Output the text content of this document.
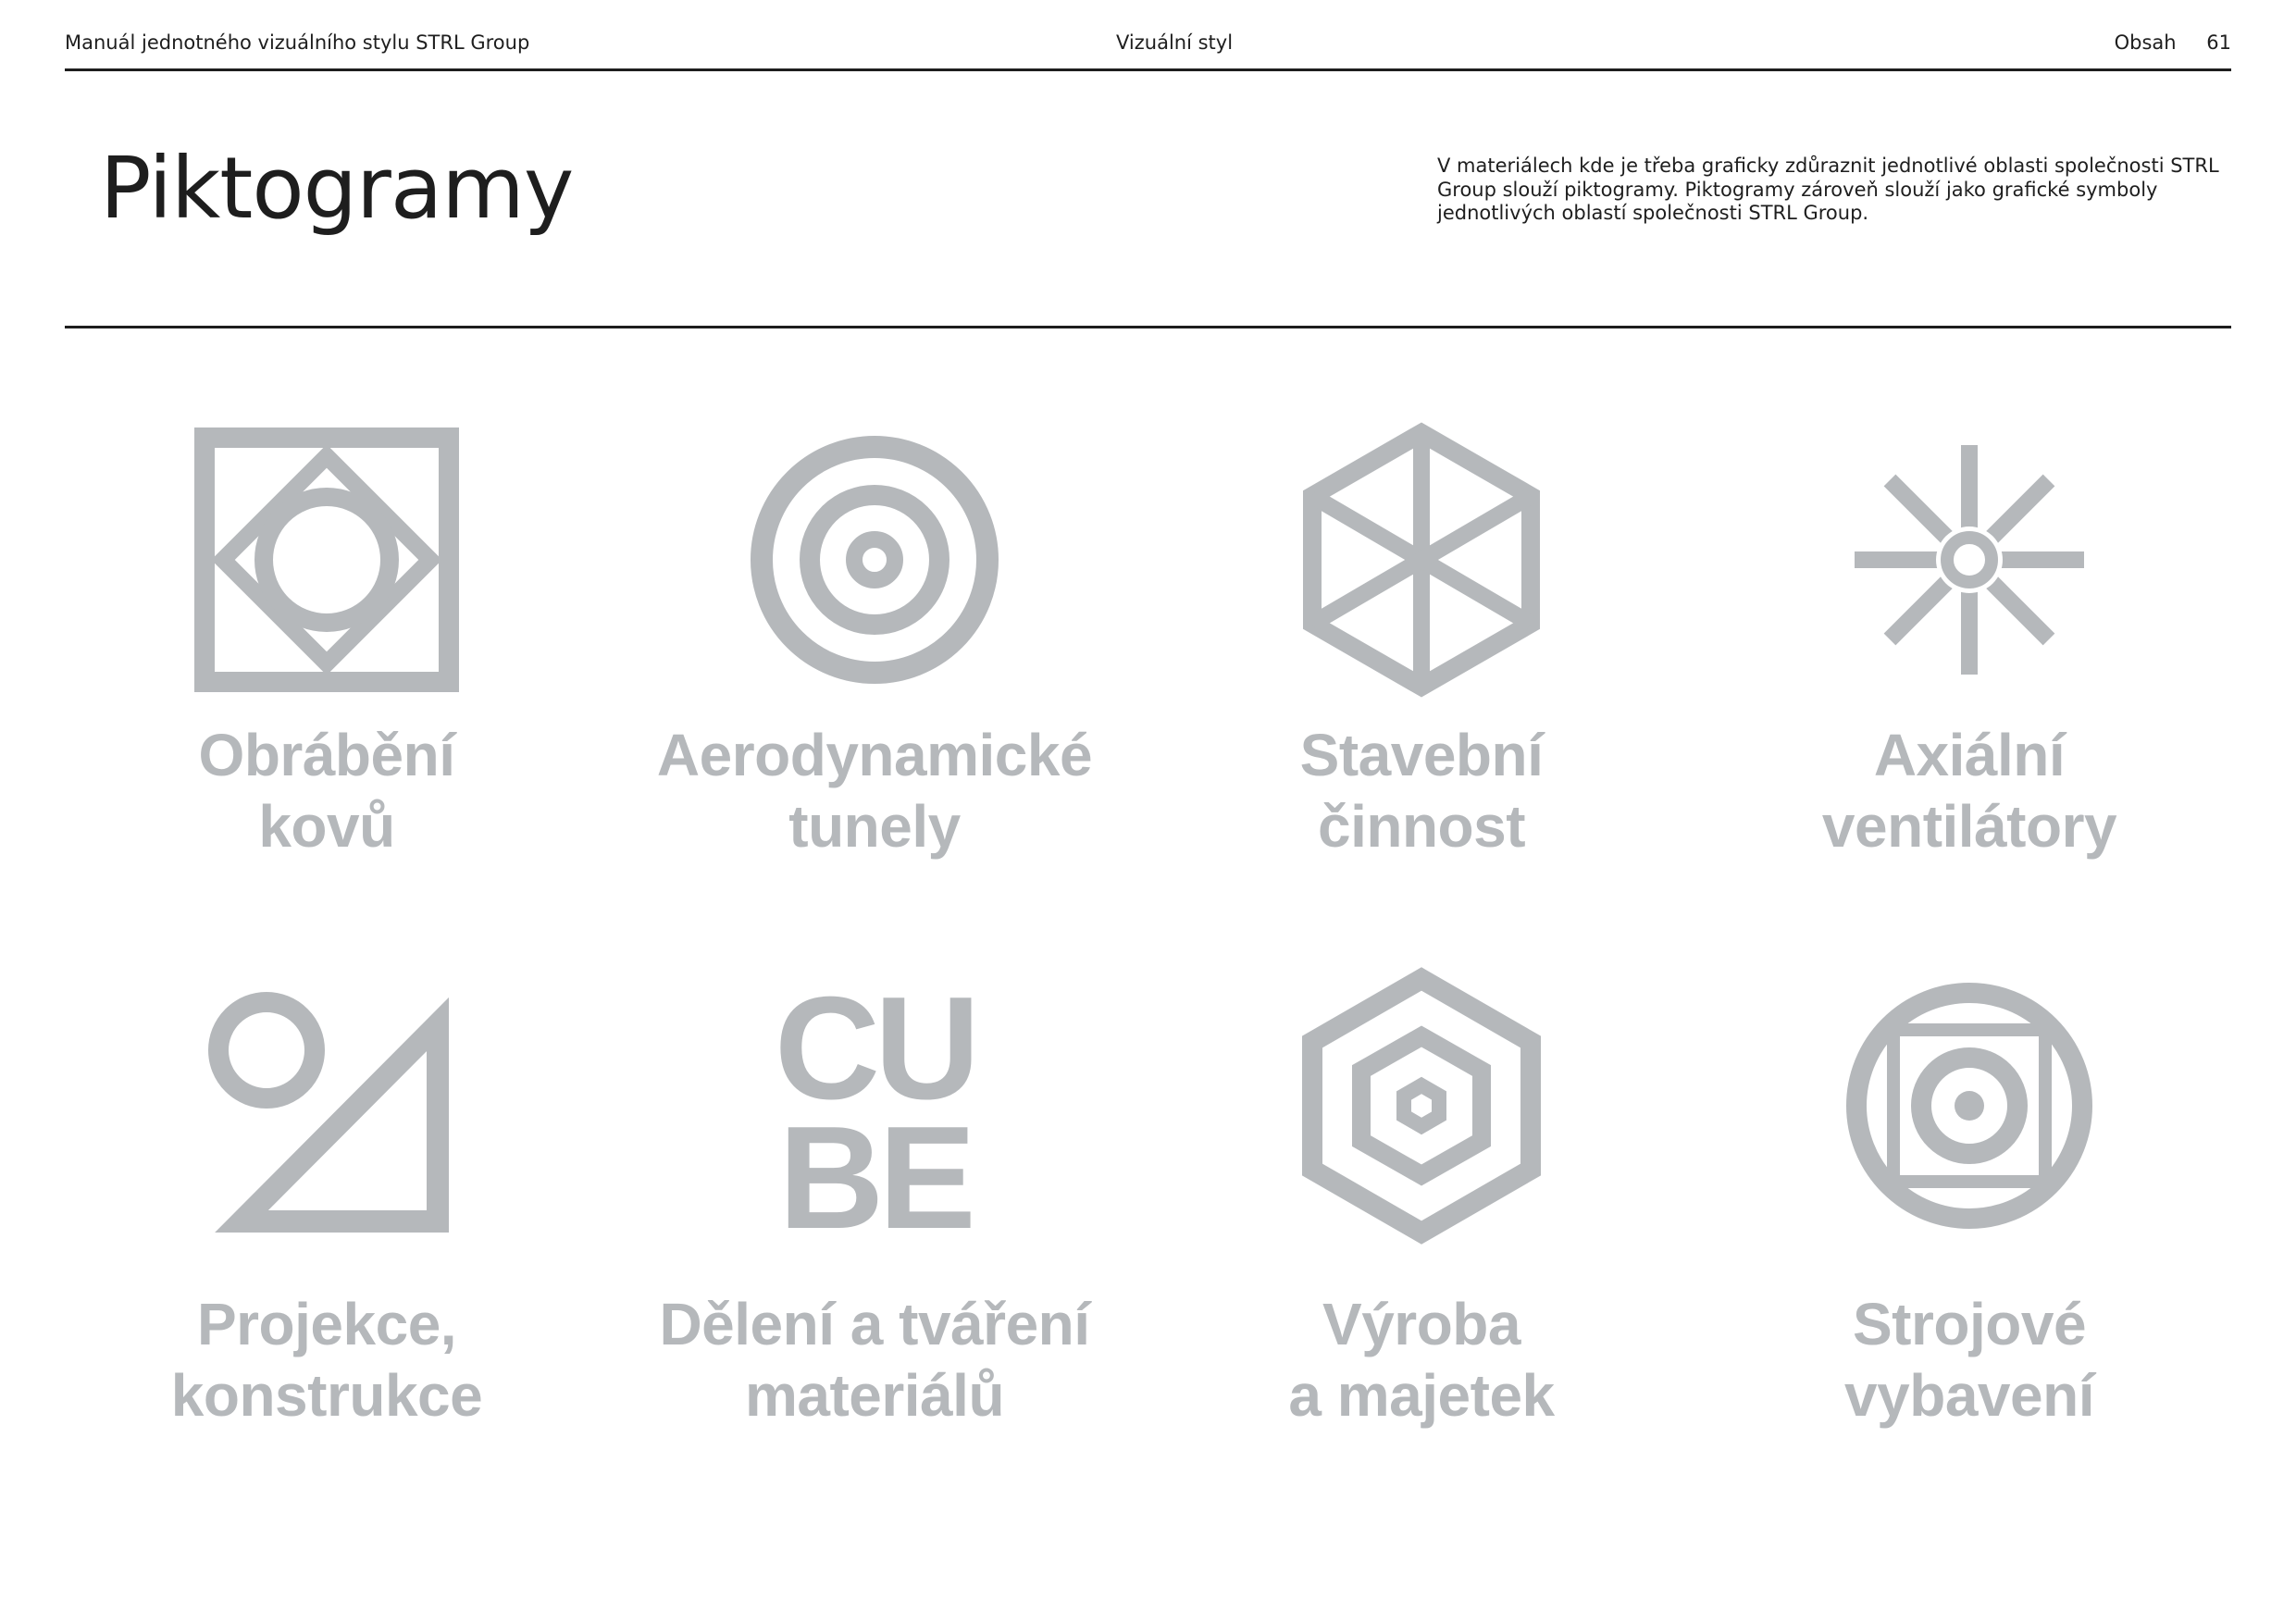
Manuál jednotného vizuálního stylu STRL Group	Vizuální styl	Obsah 61
Piktogramy	V materiálech kde je třeba graficky zdůraznit jednotlivé oblasti společnosti STRL Group slouží piktogramy. Piktogramy zároveň slouží jako grafické symboly jednotlivých oblastí společnosti STRL Group.

Obrábění
kovů

Aerodynamické
tunely

Stavební
činnost

Axiální
ventilátory

CU
BE

Projekce,
konstrukce

Dělení a tváření
materiálů

Výroba
a majetek

Strojové
vybavení
